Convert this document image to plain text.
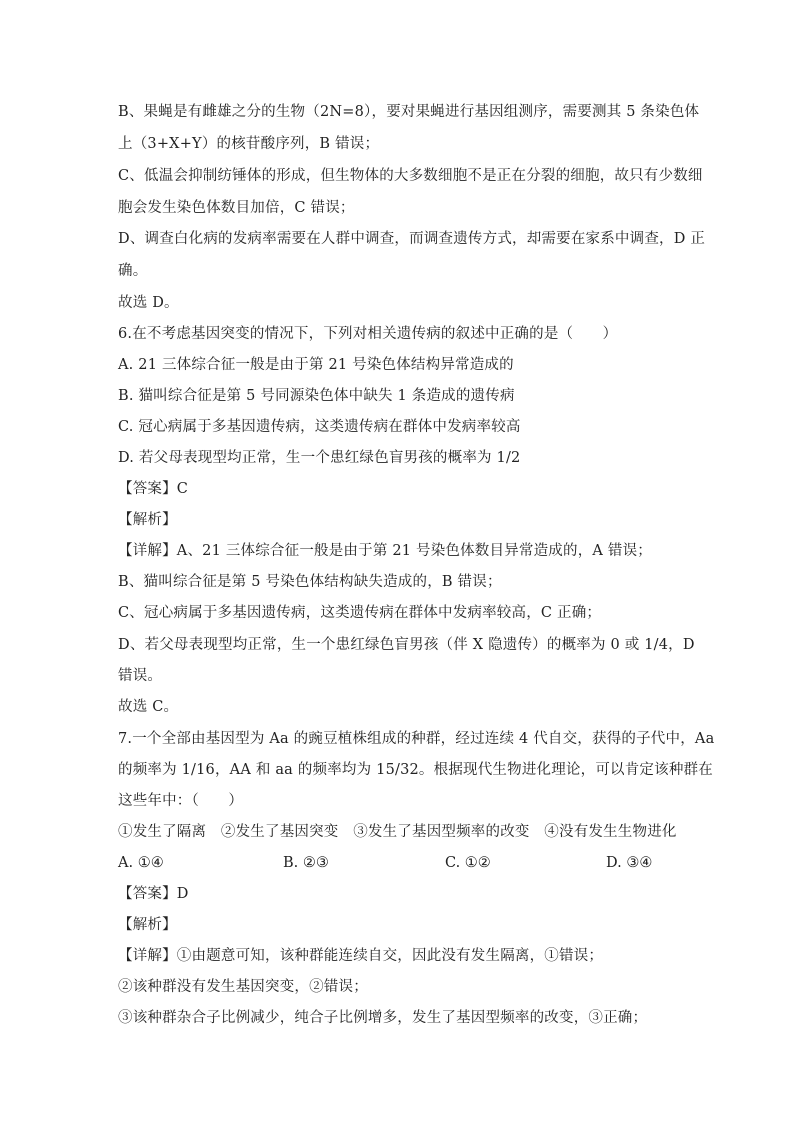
B、果蝇是有雌雄之分的生物（2N=8），要对果蝇进行基因组测序，需要测其 5 条染色体
上（3+X+Y）的核苷酸序列，B 错误；
C、低温会抑制纺锤体的形成，但生物体的大多数细胞不是正在分裂的细胞，故只有少数细
胞会发生染色体数目加倍，C 错误；
D、调查白化病的发病率需要在人群中调查，而调查遗传方式，却需要在家系中调查，D 正
确。
故选 D。
6.在不考虑基因突变的情况下，下列对相关遗传病的叙述中正确的是（　　）
A. 21 三体综合征一般是由于第 21 号染色体结构异常造成的
B. 猫叫综合征是第 5 号同源染色体中缺失 1 条造成的遗传病
C. 冠心病属于多基因遗传病，这类遗传病在群体中发病率较高
D. 若父母表现型均正常，生一个患红绿色盲男孩的概率为 1/2
【答案】C
【解析】
【详解】A、21 三体综合征一般是由于第 21 号染色体数目异常造成的，A 错误；
B、猫叫综合征是第 5 号染色体结构缺失造成的，B 错误；
C、冠心病属于多基因遗传病，这类遗传病在群体中发病率较高，C 正确；
D、若父母表现型均正常，生一个患红绿色盲男孩（伴 X 隐遗传）的概率为 0 或 1/4，D
错误。
故选 C。
7.一个全部由基因型为 Aa 的豌豆植株组成的种群，经过连续 4 代自交，获得的子代中，Aa
的频率为 1/16，AA 和 aa 的频率均为 15/32。根据现代生物进化理论，可以肯定该种群在
这些年中：（　　）
①发生了隔离　②发生了基因突变　③发生了基因型频率的改变　④没有发生生物进化
A. ①④	B. ②③	C. ①②	D. ③④
【答案】D
【解析】
【详解】①由题意可知，该种群能连续自交，因此没有发生隔离，①错误；
②该种群没有发生基因突变，②错误；
③该种群杂合子比例减少，纯合子比例增多，发生了基因型频率的改变，③正确；
